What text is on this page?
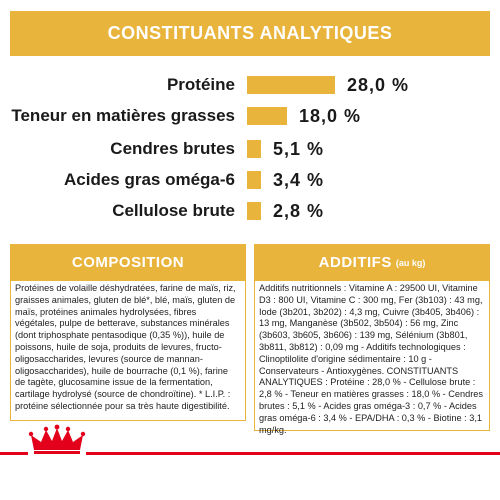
CONSTITUANTS ANALYTIQUES
Protéine	28,0 %
Teneur en matières grasses	18,0 %
Cendres brutes 5,1 %
Acides gras oméga-6 3,4 %
Cellulose brute 2,8 %
COMPOSITION
Protéines de volaille déshydratées, farine de maïs, riz, graisses animales, gluten de blé*, blé, maïs, gluten de maïs, protéines animales hydrolysées, fibres végétales, pulpe de betterave, substances minérales (dont triphosphate pentasodique (0,35 %)), huile de poissons, huile de soja, produits de levures, fructo-oligosaccharides, levures (source de mannan-oligosaccharides), huile de bourrache (0,1 %), farine de tagète, glucosamine issue de la fermentation, cartilage hydrolysé (source de chondroïtine). * L.I.P. : protéine sélectionnée pour sa très haute digestibilité.
ADDITIFS (au kg)
Additifs nutritionnels : Vitamine A : 29500 UI, Vitamine D3 : 800 UI, Vitamine C : 300 mg, Fer (3b103) : 43 mg, Iode (3b201, 3b202) : 4,3 mg, Cuivre (3b405, 3b406) : 13 mg, Manganèse (3b502, 3b504) : 56 mg, Zinc (3b603, 3b605, 3b606) : 139 mg, Sélénium (3b801, 3b811, 3b812) : 0,09 mg - Additifs technologiques : Clinoptilolite d'origine sédimentaire : 10 g - Conservateurs - Antioxygènes. CONSTITUANTS ANALYTIQUES : Protéine : 28,0 % - Cellulose brute : 2,8 % - Teneur en matières grasses : 18,0 % - Cendres brutes : 5,1 % - Acides gras oméga-3 : 0,7 % - Acides gras oméga-6 : 3,4 % - EPA/DHA : 0,3 % - Biotine : 3,1 mg/kg.
